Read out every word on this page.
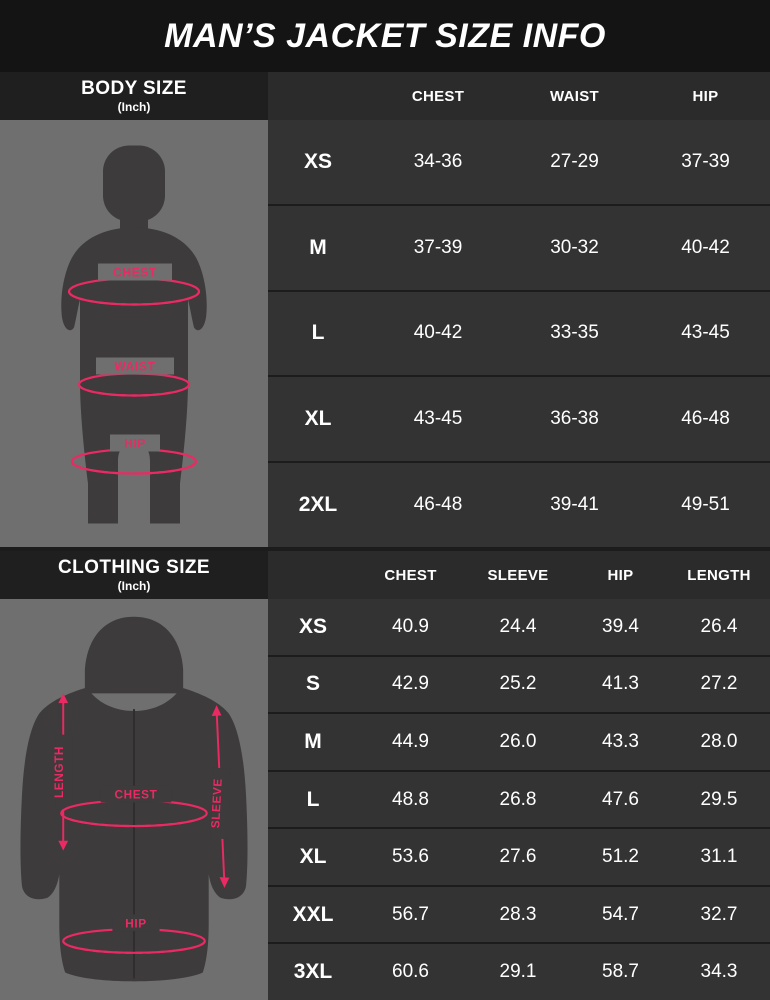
MAN’S JACKET SIZE INFO
BODY SIZE
(Inch)
CHEST	WAIST	HIP
CHEST
WAIST
HIP
XS	34-36	27-29	37-39
M	37-39	30-32	40-42
L	40-42	33-35	43-45
XL	43-45	36-38	46-48
2XL	46-48	39-41	49-51
CLOTHING SIZE
(Inch)
CHEST	SLEEVE	HIP	LENGTH
LENGTH	CHEST	SLEEVE
HIP
XS	40.9	24.4	39.4	26.4
S	42.9	25.2	41.3	27.2
M	44.9	26.0	43.3	28.0
L	48.8	26.8	47.6	29.5
XL	53.6	27.6	51.2	31.1
XXL	56.7	28.3	54.7	32.7
3XL	60.6	29.1	58.7	34.3
